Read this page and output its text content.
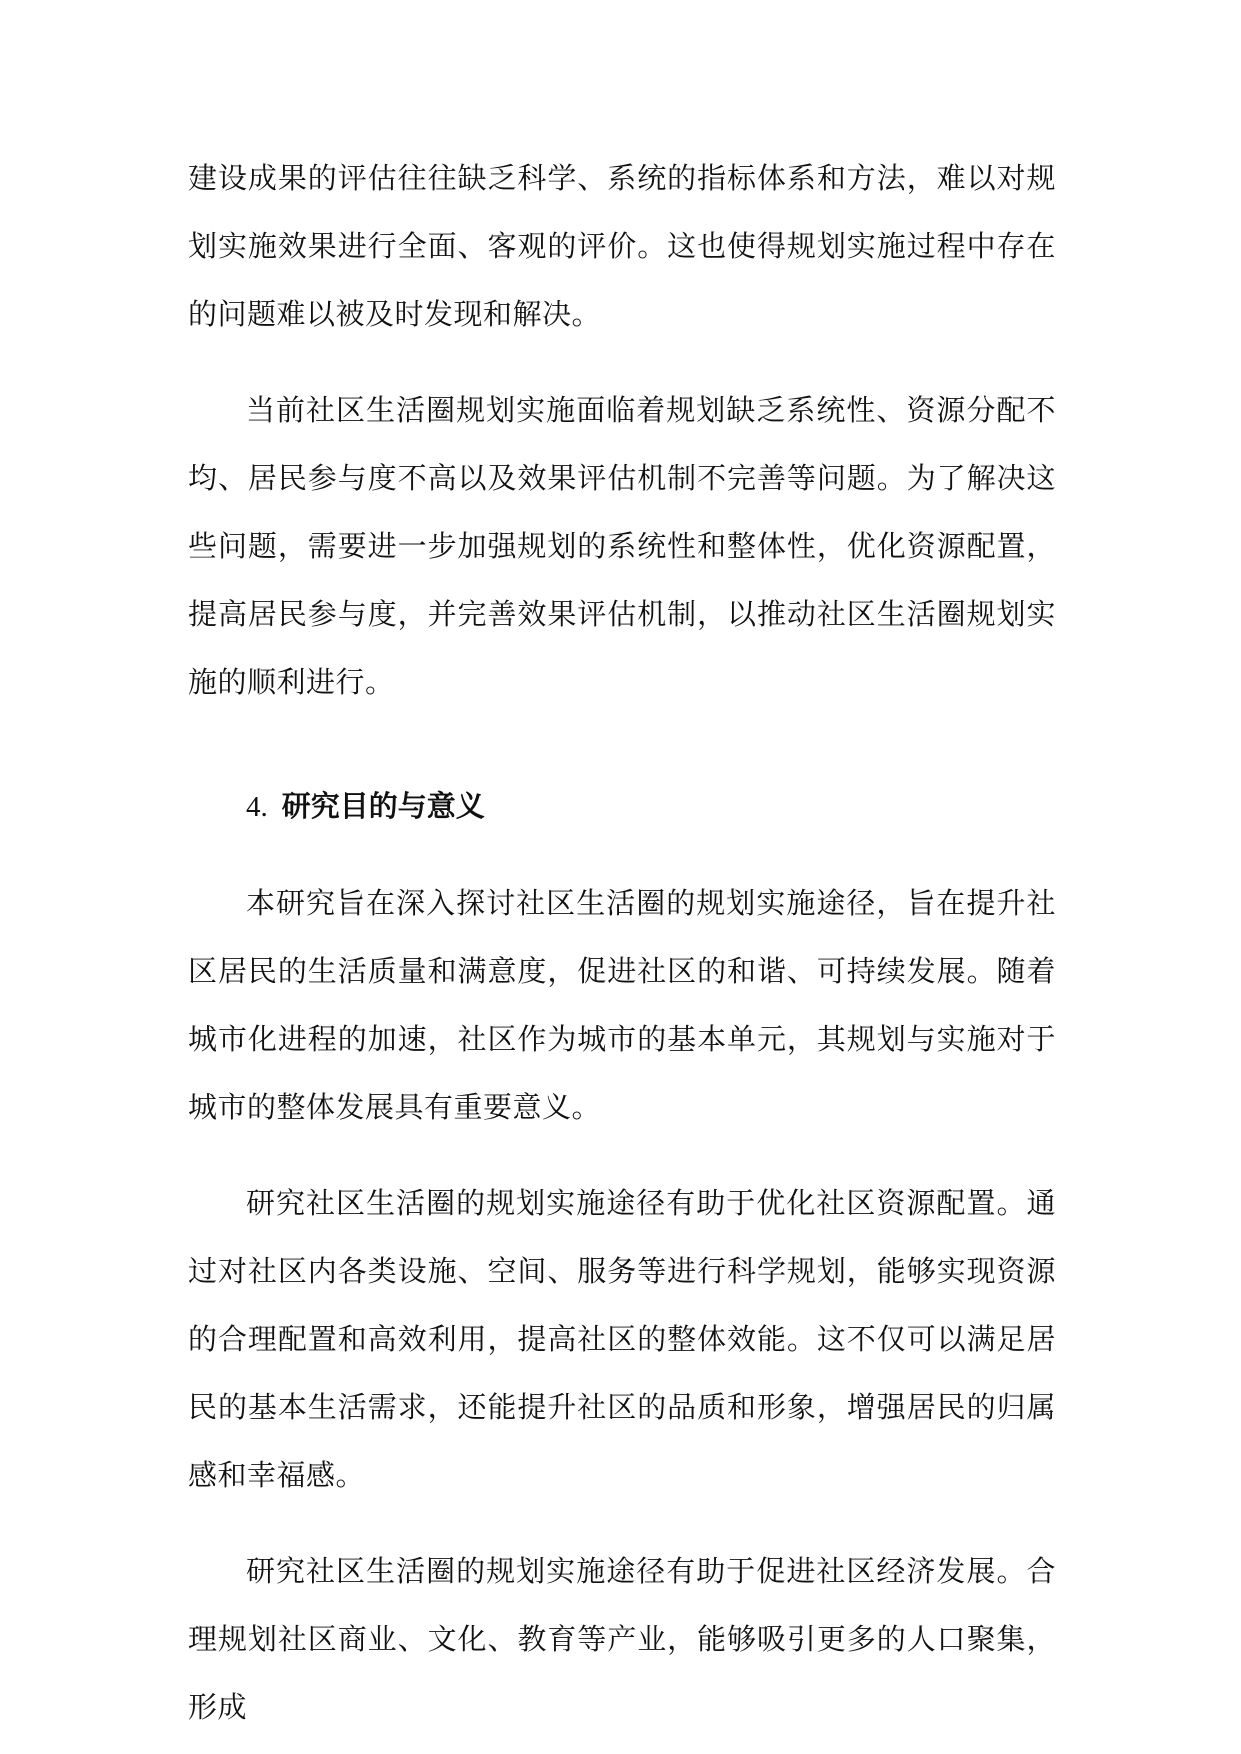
建设成果的评估往往缺乏科学、系统的指标体系和方法，难以对规划实施效果进行全面、客观的评价。这也使得规划实施过程中存在的问题难以被及时发现和解决。

当前社区生活圈规划实施面临着规划缺乏系统性、资源分配不均、居民参与度不高以及效果评估机制不完善等问题。为了解决这些问题，需要进一步加强规划的系统性和整体性，优化资源配置，提高居民参与度，并完善效果评估机制，以推动社区生活圈规划实施的顺利进行。

4. 研究目的与意义

本研究旨在深入探讨社区生活圈的规划实施途径，旨在提升社区居民的生活质量和满意度，促进社区的和谐、可持续发展。随着城市化进程的加速，社区作为城市的基本单元，其规划与实施对于城市的整体发展具有重要意义。

研究社区生活圈的规划实施途径有助于优化社区资源配置。通过对社区内各类设施、空间、服务等进行科学规划，能够实现资源的合理配置和高效利用，提高社区的整体效能。这不仅可以满足居民的基本生活需求，还能提升社区的品质和形象，增强居民的归属感和幸福感。

研究社区生活圈的规划实施途径有助于促进社区经济发展。合理规划社区商业、文化、教育等产业，能够吸引更多的人口聚集，形成
